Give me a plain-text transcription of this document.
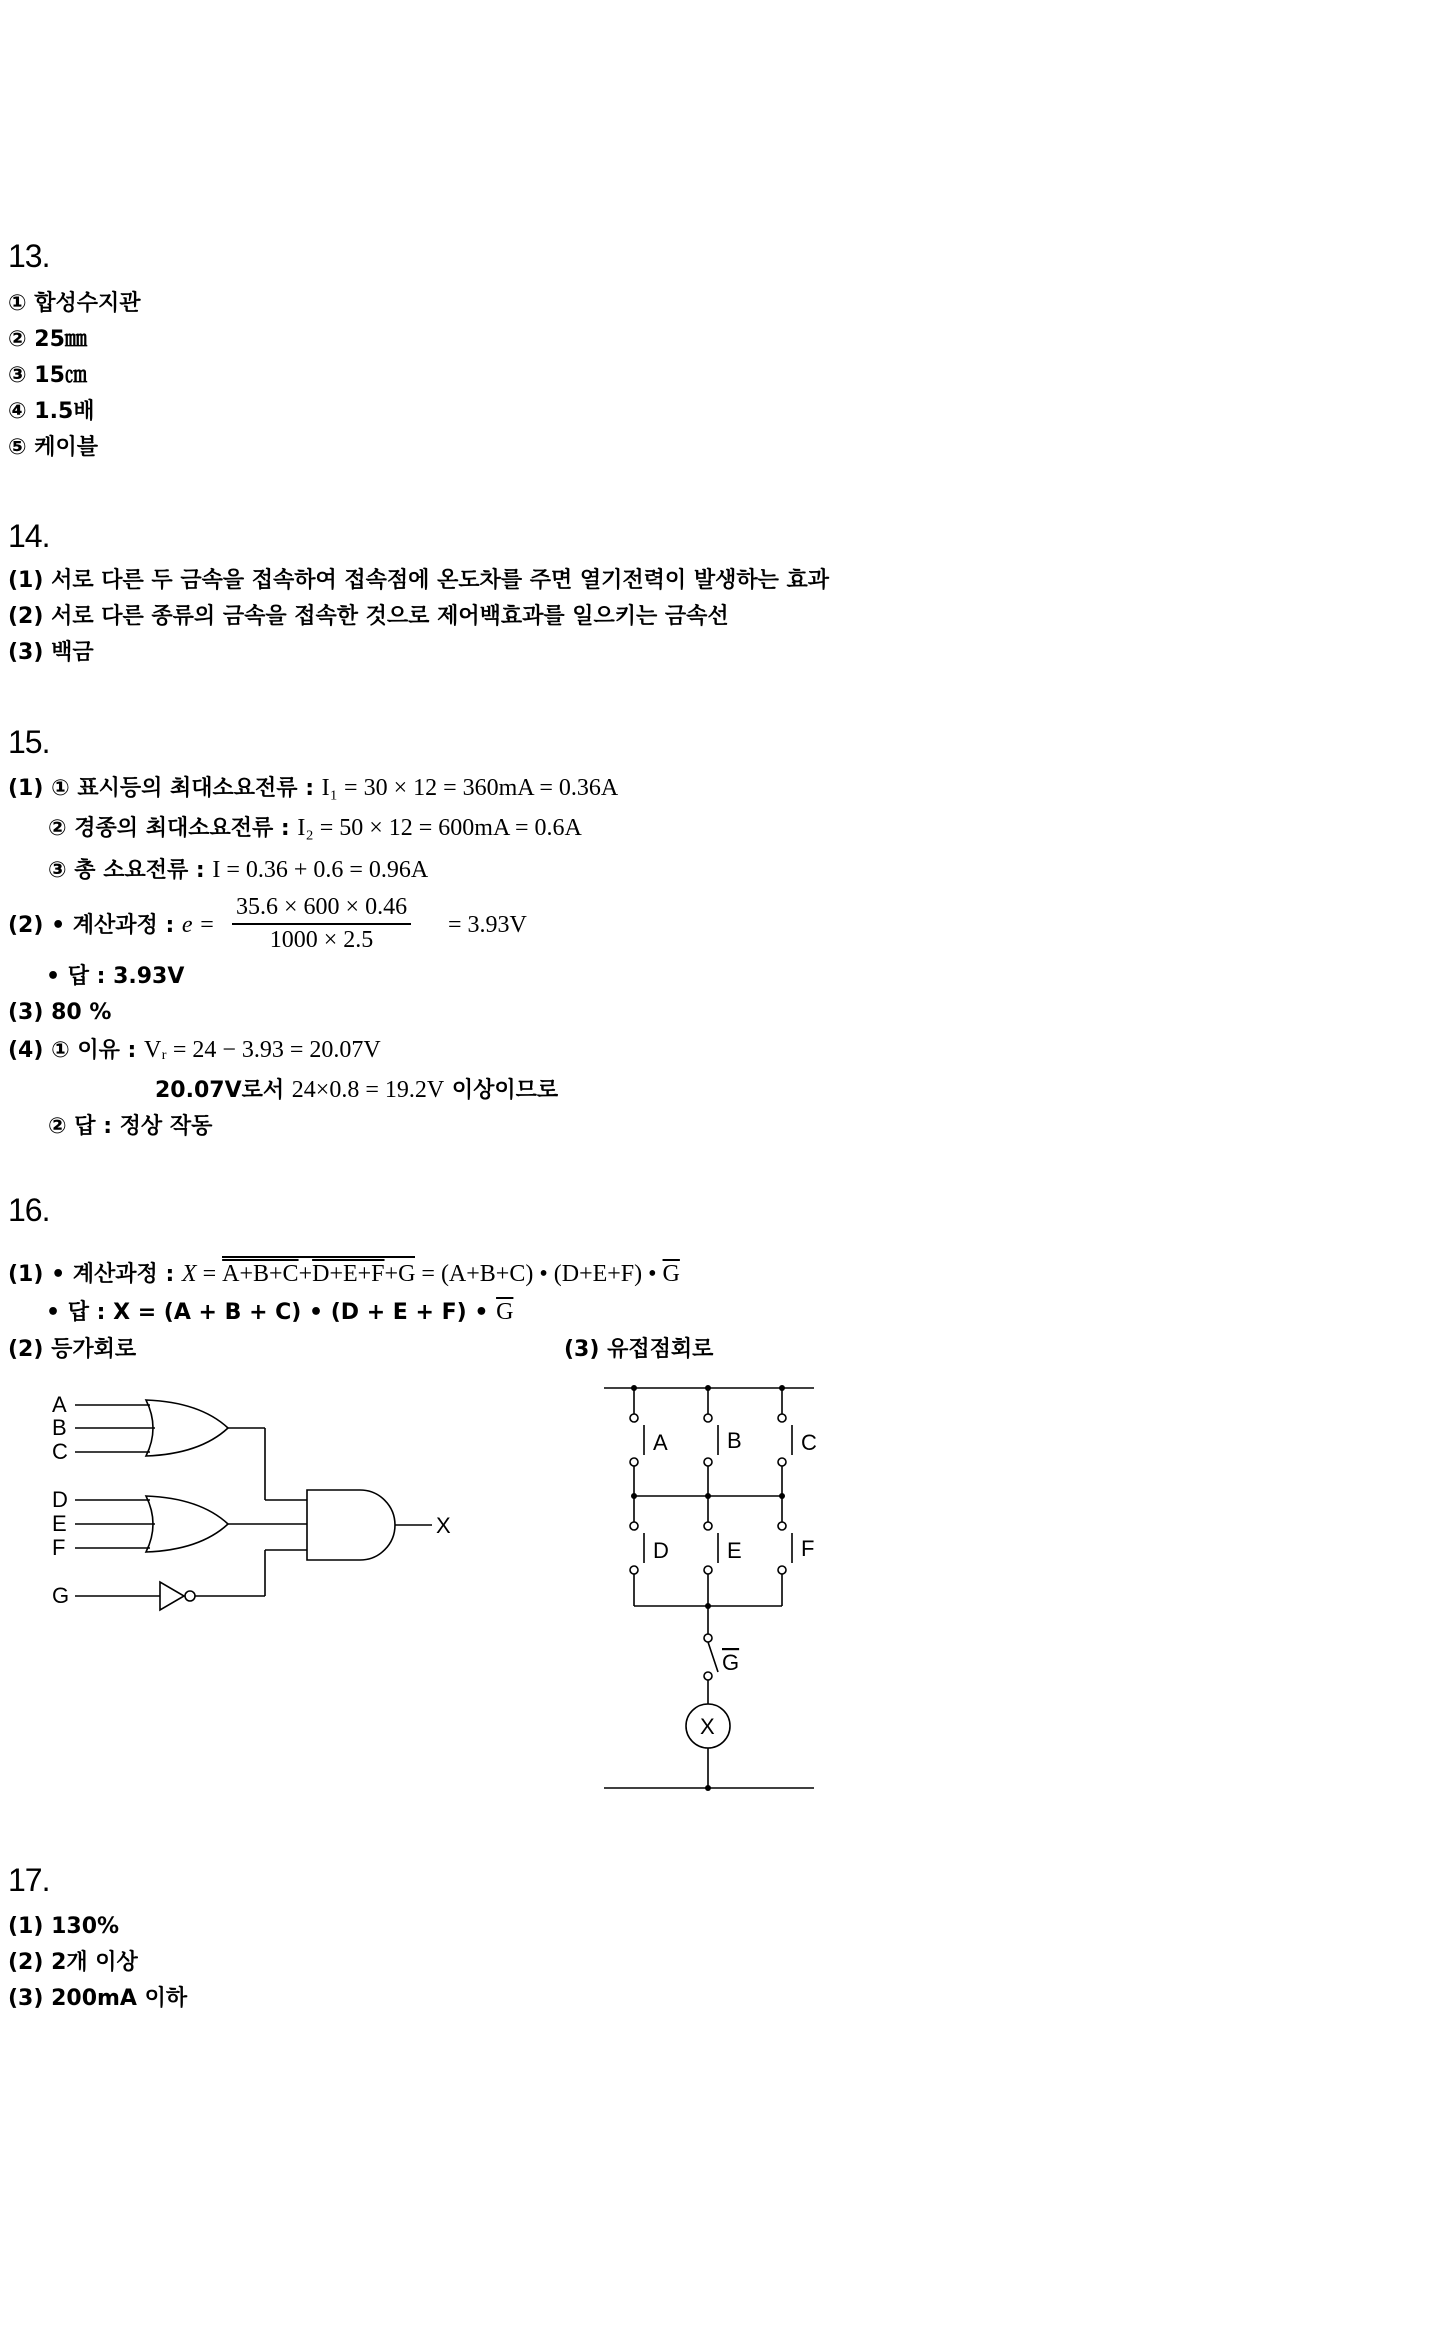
13.
① 합성수지관
② 25㎜
③ 15㎝
④ 1.5배
⑤ 케이블
14.
(1) 서로 다른 두 금속을 접속하여 접속점에 온도차를 주면 열기전력이 발생하는 효과
(2) 서로 다른 종류의 금속을 접속한 것으로 제어백효과를 일으키는 금속선
(3) 백금
15.
(1) ① 표시등의 최대소요전류 : I₁ = 30 × 12 = 360mA = 0.36A
② 경종의 최대소요전류 : I₂ = 50 × 12 = 600mA = 0.6A
③ 총 소요전류 : I = 0.36 + 0.6 = 0.96A
(2) • 계산과정 : $e = \frac{35.6 \times 600 \times 0.46}{1000 \times 2.5} = 3.93V$
• 답 : 3.93V
(3) 80 %
(4) ① 이유 : Vᵣ = 24 − 3.93 = 20.07V
20.07V로서 24×0.8 = 19.2V 이상이므로
② 답 : 정상 작동
16.
(1) • 계산과정 : X = A+B+C+D+E+F+G = (A+B+C) • (D+E+F) • $\overline{G}$
• 답 : X = (A + B + C) • (D + E + F) • $\overline{G}$
(2) 등가회로	(3) 유접점회로
A
B
C
D
E
F
G
X
A	B	C
D	E	F
G
X
17.
(1) 130%
(2) 2개 이상
(3) 200mA 이하
